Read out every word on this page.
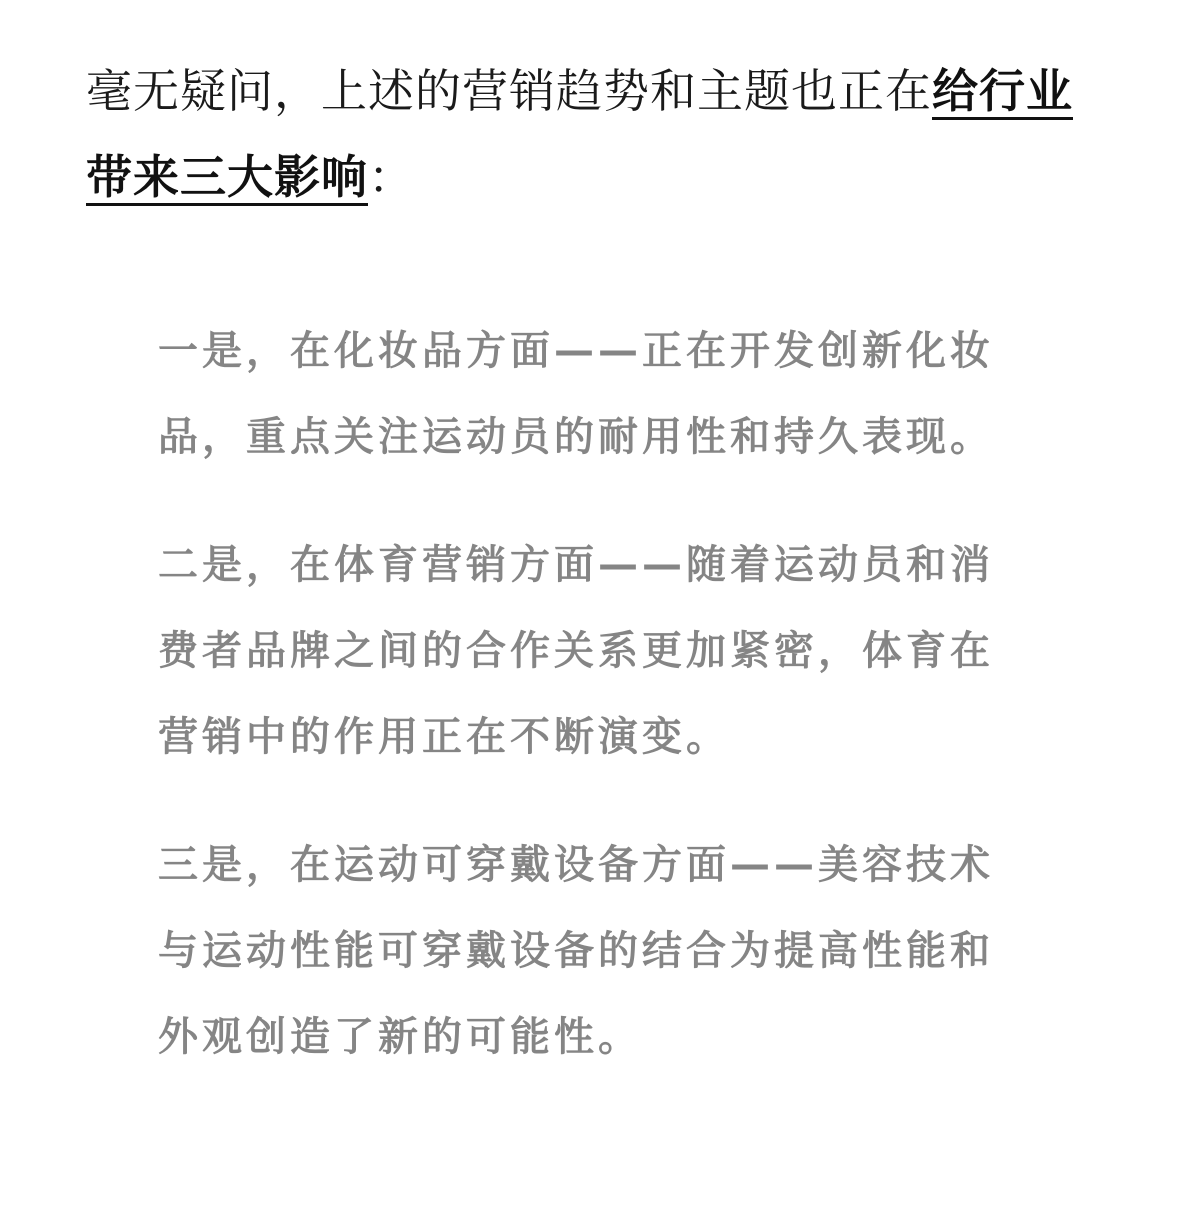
毫无疑问，上述的营销趋势和主题也正在给行业带来三大影响：

一是，在化妆品方面——正在开发创新化妆品，重点关注运动员的耐用性和持久表现。

二是，在体育营销方面——随着运动员和消费者品牌之间的合作关系更加紧密，体育在营销中的作用正在不断演变。

三是，在运动可穿戴设备方面——美容技术与运动性能可穿戴设备的结合为提高性能和外观创造了新的可能性。
